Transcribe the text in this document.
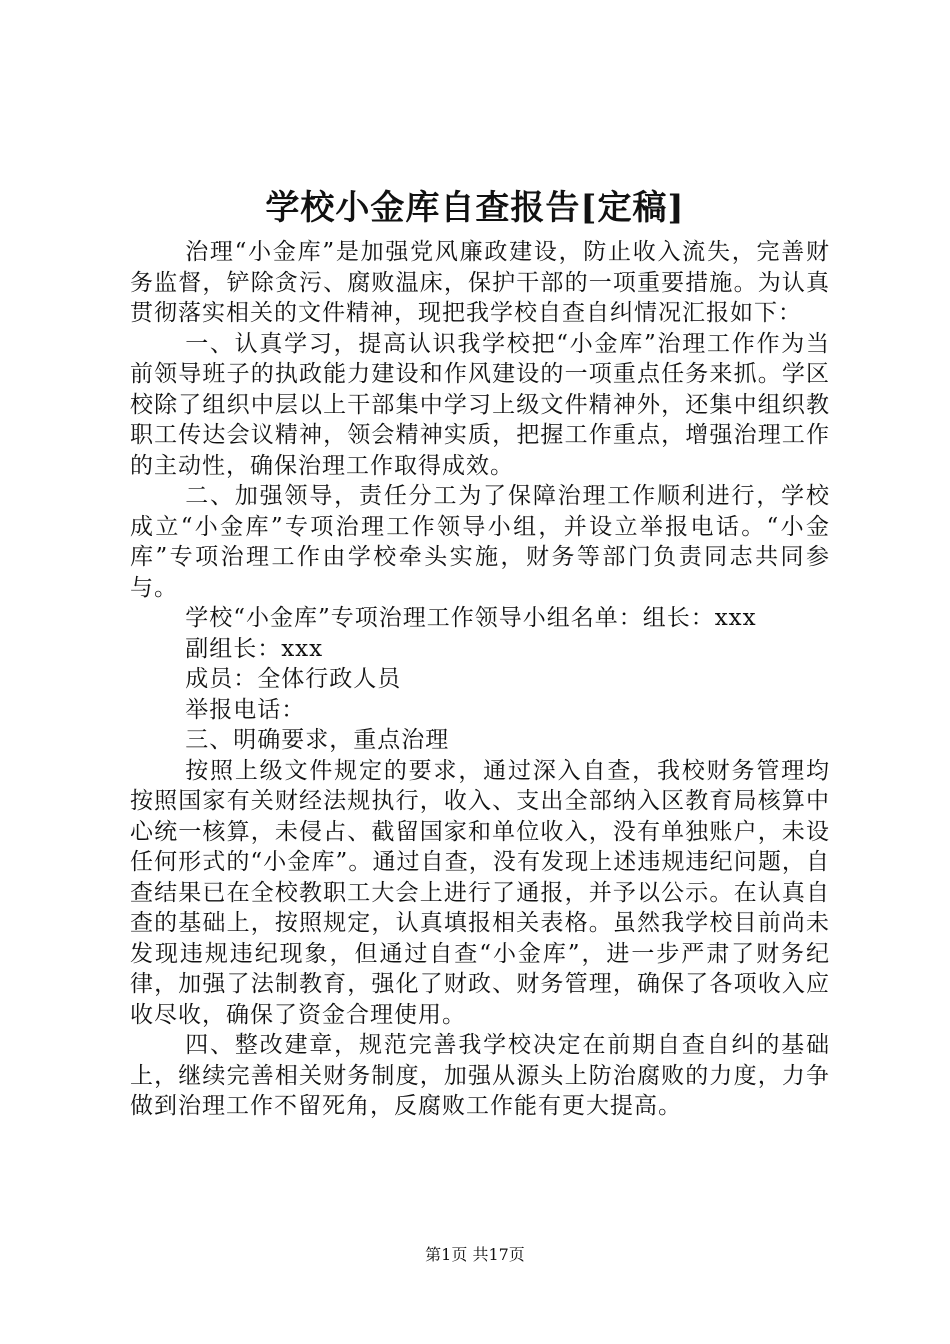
学校小金库自查报告[定稿]

治理“小金库”是加强党风廉政建设，防止收入流失，完善财务监督，铲除贪污、腐败温床，保护干部的一项重要措施。为认真贯彻落实相关的文件精神，现把我学校自查自纠情况汇报如下：

一、认真学习，提高认识我学校把“小金库”治理工作作为当前领导班子的执政能力建设和作风建设的一项重点任务来抓。学区校除了组织中层以上干部集中学习上级文件精神外，还集中组织教职工传达会议精神，领会精神实质，把握工作重点，增强治理工作的主动性，确保治理工作取得成效。

二、加强领导，责任分工为了保障治理工作顺利进行，学校成立“小金库”专项治理工作领导小组，并设立举报电话。“小金库”专项治理工作由学校牵头实施，财务等部门负责同志共同参与。

学校“小金库”专项治理工作领导小组名单：组长：xxx

副组长：xxx

成员：全体行政人员

举报电话：

三、明确要求，重点治理

按照上级文件规定的要求，通过深入自查，我校财务管理均按照国家有关财经法规执行，收入、支出全部纳入区教育局核算中心统一核算，未侵占、截留国家和单位收入，没有单独账户，未设任何形式的“小金库”。通过自查，没有发现上述违规违纪问题，自查结果已在全校教职工大会上进行了通报，并予以公示。在认真自查的基础上，按照规定，认真填报相关表格。虽然我学校目前尚未发现违规违纪现象，但通过自查“小金库”，进一步严肃了财务纪律，加强了法制教育，强化了财政、财务管理，确保了各项收入应收尽收，确保了资金合理使用。

四、整改建章，规范完善我学校决定在前期自查自纠的基础上，继续完善相关财务制度，加强从源头上防治腐败的力度，力争做到治理工作不留死角，反腐败工作能有更大提高。

第1页 共17页
